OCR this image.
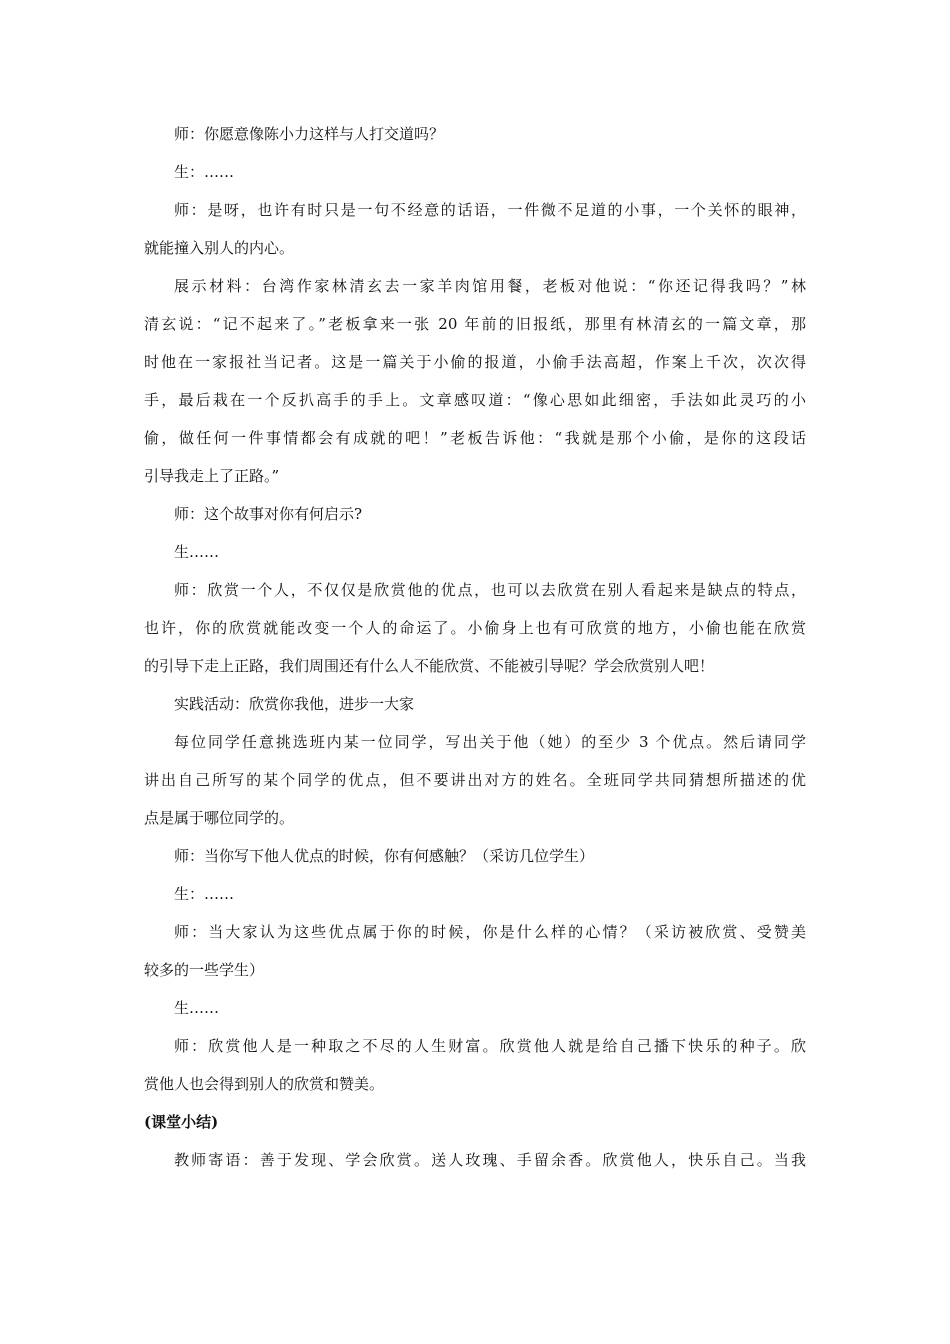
师：你愿意像陈小力这样与人打交道吗？
生：……
师：是呀，也许有时只是一句不经意的话语，一件微不足道的小事，一个关怀的眼神，
就能撞入别人的内心。
展示材料：台湾作家林清玄去一家羊肉馆用餐，老板对他说：“你还记得我吗？”林
清玄说：“记不起来了。”老板拿来一张 20 年前的旧报纸，那里有林清玄的一篇文章，那
时他在一家报社当记者。这是一篇关于小偷的报道，小偷手法高超，作案上千次，次次得
手，最后栽在一个反扒高手的手上。文章感叹道：“像心思如此细密，手法如此灵巧的小
偷，做任何一件事情都会有成就的吧！”老板告诉他：“我就是那个小偷，是你的这段话
引导我走上了正路。”
师：这个故事对你有何启示?
生……
师：欣赏一个人，不仅仅是欣赏他的优点，也可以去欣赏在别人看起来是缺点的特点，
也许，你的欣赏就能改变一个人的命运了。小偷身上也有可欣赏的地方，小偷也能在欣赏
的引导下走上正路，我们周围还有什么人不能欣赏、不能被引导呢？学会欣赏别人吧！
实践活动：欣赏你我他，进步一大家
每位同学任意挑选班内某一位同学，写出关于他（她）的至少 3 个优点。然后请同学
讲出自己所写的某个同学的优点，但不要讲出对方的姓名。全班同学共同猜想所描述的优
点是属于哪位同学的。
师：当你写下他人优点的时候，你有何感触？（采访几位学生）
生：……
师：当大家认为这些优点属于你的时候，你是什么样的心情？（采访被欣赏、受赞美
较多的一些学生）
生……
师：欣赏他人是一种取之不尽的人生财富。欣赏他人就是给自己播下快乐的种子。欣
赏他人也会得到别人的欣赏和赞美。
(课堂小结)
教师寄语：善于发现、学会欣赏。送人玫瑰、手留余香。欣赏他人，快乐自己。当我
